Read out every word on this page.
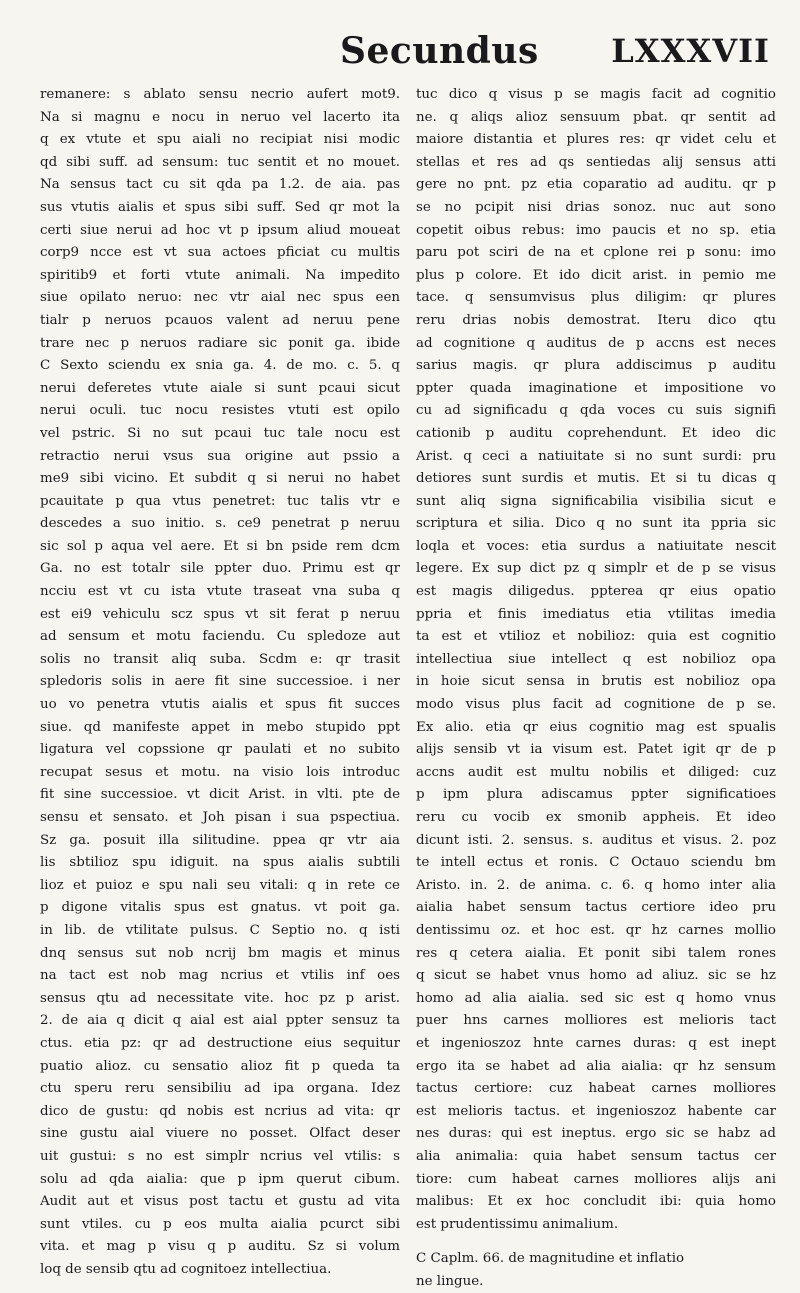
Secundus LXXXVII
remanere: s ablato sensu necrio aufert mot9.
Na si magnu e nocu in neruo vel lacerto ita
q ex vtute et spu aiali no recipiat nisi modic
qd sibi suff. ad sensum: tuc sentit et no mouet.
Na sensus tact cu sit qda pa 1.2. de aia. pas
sus vtutis aialis et spus sibi suff. Sed qr mot la
certi siue nerui ad hoc vt p ipsum aliud moueat
corp9 ncce est vt sua actoes pficiat cu multis
spiritib9 et forti vtute animali. Na impedito
siue opilato neruo: nec vtr aial nec spus een
tialr p neruos pcauos valent ad neruu pene
trare nec p neruos radiare sic ponit ga. ibide
C Sexto sciendu ex snia ga. 4. de mo. c. 5. q
nerui deferetes vtute aiale si sunt pcaui sicut
nerui oculi. tuc nocu resistes vtuti est opilo
vel pstric. Si no sut pcaui tuc tale nocu est
retractio nerui vsus sua origine aut pssio a
me9 sibi vicino. Et subdit q si nerui no habet
pcauitate p qua vtus penetret: tuc talis vtr e
descedes a suo initio. s. ce9 penetrat p neruu
sic sol p aqua vel aere. Et si bn pside rem dcm
Ga. no est totalr sile ppter duo. Primu est qr
ncciu est vt cu ista vtute traseat vna suba q
est ei9 vehiculu scz spus vt sit ferat p neruu
ad sensum et motu faciendu. Cu spledoze aut
solis no transit aliq suba. Scdm e: qr trasit
spledoris solis in aere fit sine successioe. i ner
uo vo penetra vtutis aialis et spus fit succes
siue. qd manifeste appet in mebo stupido ppt
ligatura vel copssione qr paulati et no subito
recupat sesus et motu. na visio lois introduc
fit sine successioe. vt dicit Arist. in vlti. pte de
sensu et sensato. et Joh pisan i sua pspectiua.
Sz ga. posuit illa silitudine. ppea qr vtr aia
lis sbtilioz spu idiguit. na spus aialis subtili
lioz et puioz e spu nali seu vitali: q in rete ce
p digone vitalis spus est gnatus. vt poit ga.
in lib. de vtilitate pulsus. C Septio no. q isti
dnq sensus sut nob ncrij bm magis et minus
na tact est nob mag ncrius et vtilis inf oes
sensus qtu ad necessitate vite. hoc pz p arist.
2. de aia q dicit q aial est aial ppter sensuz ta
ctus. etia pz: qr ad destructione eius sequitur
puatio alioz. cu sensatio alioz fit p queda ta
ctu speru reru sensibiliu ad ipa organa. Idez
dico de gustu: qd nobis est ncrius ad vita: qr
sine gustu aial viuere no posset. Olfact deser
uit gustui: s no est simplr ncrius vel vtilis: s
solu ad qda aialia: que p ipm querut cibum.
Audit aut et visus post tactu et gustu ad vita
sunt vtiles. cu p eos multa aialia pcurct sibi
vita. et mag p visu q p auditu. Sz si volum
loq de sensib qtu ad cognitoez intellectiua.
tuc dico q visus p se magis facit ad cognitio
ne. q aliqs alioz sensuum pbat. qr sentit ad
maiore distantia et plures res: qr videt celu et
stellas et res ad qs sentiedas alij sensus atti
gere no pnt. pz etia coparatio ad auditu. qr p
se no pcipit nisi drias sonoz. nuc aut sono
copetit oibus rebus: imo paucis et no sp. etia
paru pot sciri de na et cplone rei p sonu: imo
plus p colore. Et ido dicit arist. in pemio me
tace. q sensumvisus plus diligim: qr plures
reru drias nobis demostrat. Iteru dico qtu
ad cognitione q auditus de p accns est neces
sarius magis. qr plura addiscimus p auditu
ppter quada imaginatione et impositione vo
cu ad significadu q qda voces cu suis signifi
cationib p auditu coprehendunt. Et ideo dic
Arist. q ceci a natiuitate si no sunt surdi: pru
detiores sunt surdis et mutis. Et si tu dicas q
sunt aliq signa significabilia visibilia sicut e
scriptura et silia. Dico q no sunt ita ppria sic
loqla et voces: etia surdus a natiuitate nescit
legere. Ex sup dict pz q simplr et de p se visus
est magis diligedus. ppterea qr eius opatio
ppria et finis imediatus etia vtilitas imedia
ta est et vtilioz et nobilioz: quia est cognitio
intellectiua siue intellect q est nobilioz opa
in hoie sicut sensa in brutis est nobilioz opa
modo visus plus facit ad cognitione de p se.
Ex alio. etia qr eius cognitio mag est spualis
alijs sensib vt ia visum est. Patet igit qr de p
accns audit est multu nobilis et diliged: cuz
p ipm plura adiscamus ppter significatioes
reru cu vocib ex smonib appheis. Et ideo
dicunt isti. 2. sensus. s. auditus et visus. 2. poz
te intell ectus et ronis. C Octauo sciendu bm
Aristo. in. 2. de anima. c. 6. q homo inter alia
aialia habet sensum tactus certiore ideo pru
dentissimu oz. et hoc est. qr hz carnes mollio
res q cetera aialia. Et ponit sibi talem rones
q sicut se habet vnus homo ad aliuz. sic se hz
homo ad alia aialia. sed sic est q homo vnus
puer hns carnes molliores est melioris tact
et ingenioszoz hnte carnes duras: q est inept
ergo ita se habet ad alia aialia: qr hz sensum
tactus certiore: cuz habeat carnes molliores
est melioris tactus. et ingenioszoz habente car
nes duras: qui est ineptus. ergo sic se habz ad
alia animalia: quia habet sensum tactus cer
tiore: cum habeat carnes molliores alijs ani
malibus: Et ex hoc concludit ibi: quia homo
est prudentissimu animalium.
C Caplm. 66. de magnitudine et inflatio
ne lingue.
